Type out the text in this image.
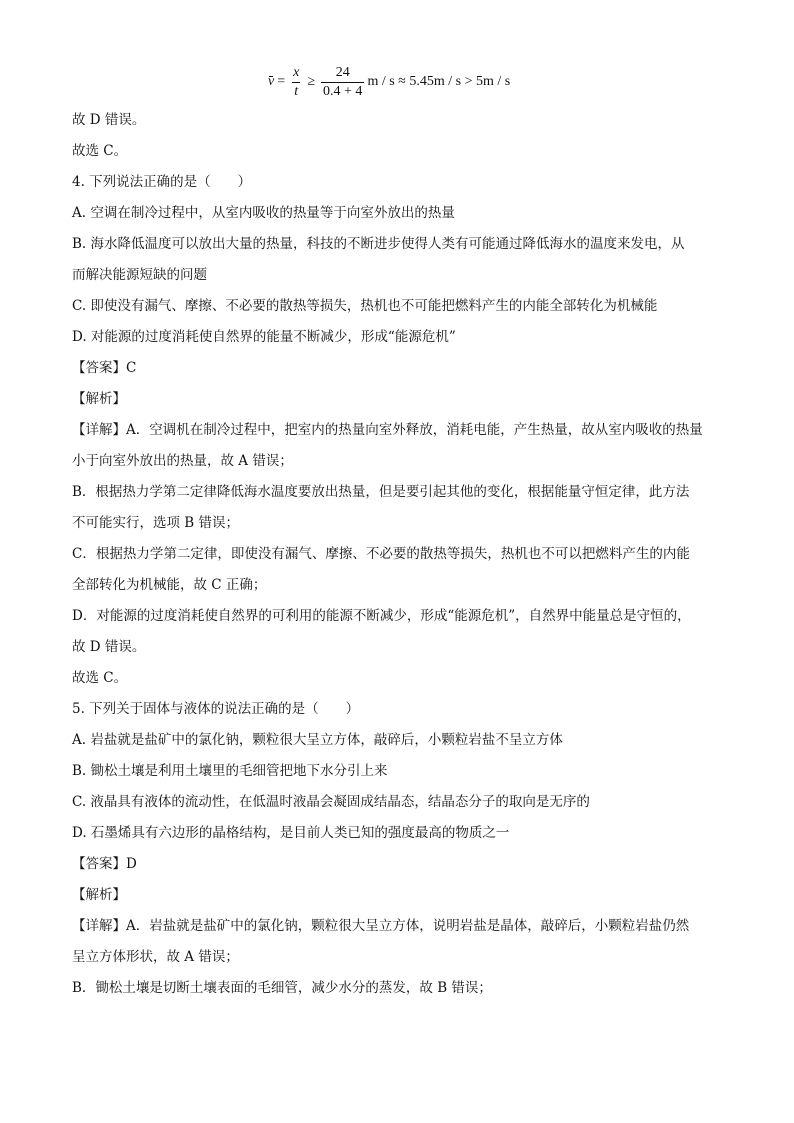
$v = \frac{x}{t} \ge \frac{24}{0.4 + 4}$ m / s ≈ 5.45m / s > 5m / s
故 D 错误。
故选 C。
4. 下列说法正确的是（　　）
A. 空调在制冷过程中，从室内吸收的热量等于向室外放出的热量
B. 海水降低温度可以放出大量的热量，科技的不断进步使得人类有可能通过降低海水的温度来发电，从
而解决能源短缺的问题
C. 即使没有漏气、摩擦、不必要的散热等损失，热机也不可能把燃料产生的内能全部转化为机械能
D. 对能源的过度消耗使自然界的能量不断减少，形成“能源危机”
【答案】C
【解析】
【详解】A．空调机在制冷过程中，把室内的热量向室外释放，消耗电能，产生热量，故从室内吸收的热量
小于向室外放出的热量，故 A 错误；
B．根据热力学第二定律降低海水温度要放出热量，但是要引起其他的变化，根据能量守恒定律，此方法
不可能实行，选项 B 错误；
C．根据热力学第二定律，即使没有漏气、摩擦、不必要的散热等损失，热机也不可以把燃料产生的内能
全部转化为机械能，故 C 正确；
D．对能源的过度消耗使自然界的可利用的能源不断减少，形成“能源危机”，自然界中能量总是守恒的，
故 D 错误。
故选 C。
5. 下列关于固体与液体的说法正确的是（　　）
A. 岩盐就是盐矿中的氯化钠，颗粒很大呈立方体，敲碎后，小颗粒岩盐不呈立方体
B. 锄松土壤是利用土壤里的毛细管把地下水分引上来
C. 液晶具有液体的流动性，在低温时液晶会凝固成结晶态，结晶态分子的取向是无序的
D. 石墨烯具有六边形的晶格结构，是目前人类已知的强度最高的物质之一
【答案】D
【解析】
【详解】A．岩盐就是盐矿中的氯化钠，颗粒很大呈立方体，说明岩盐是晶体，敲碎后，小颗粒岩盐仍然
呈立方体形状，故 A 错误；
B．锄松土壤是切断土壤表面的毛细管，减少水分的蒸发，故 B 错误；
